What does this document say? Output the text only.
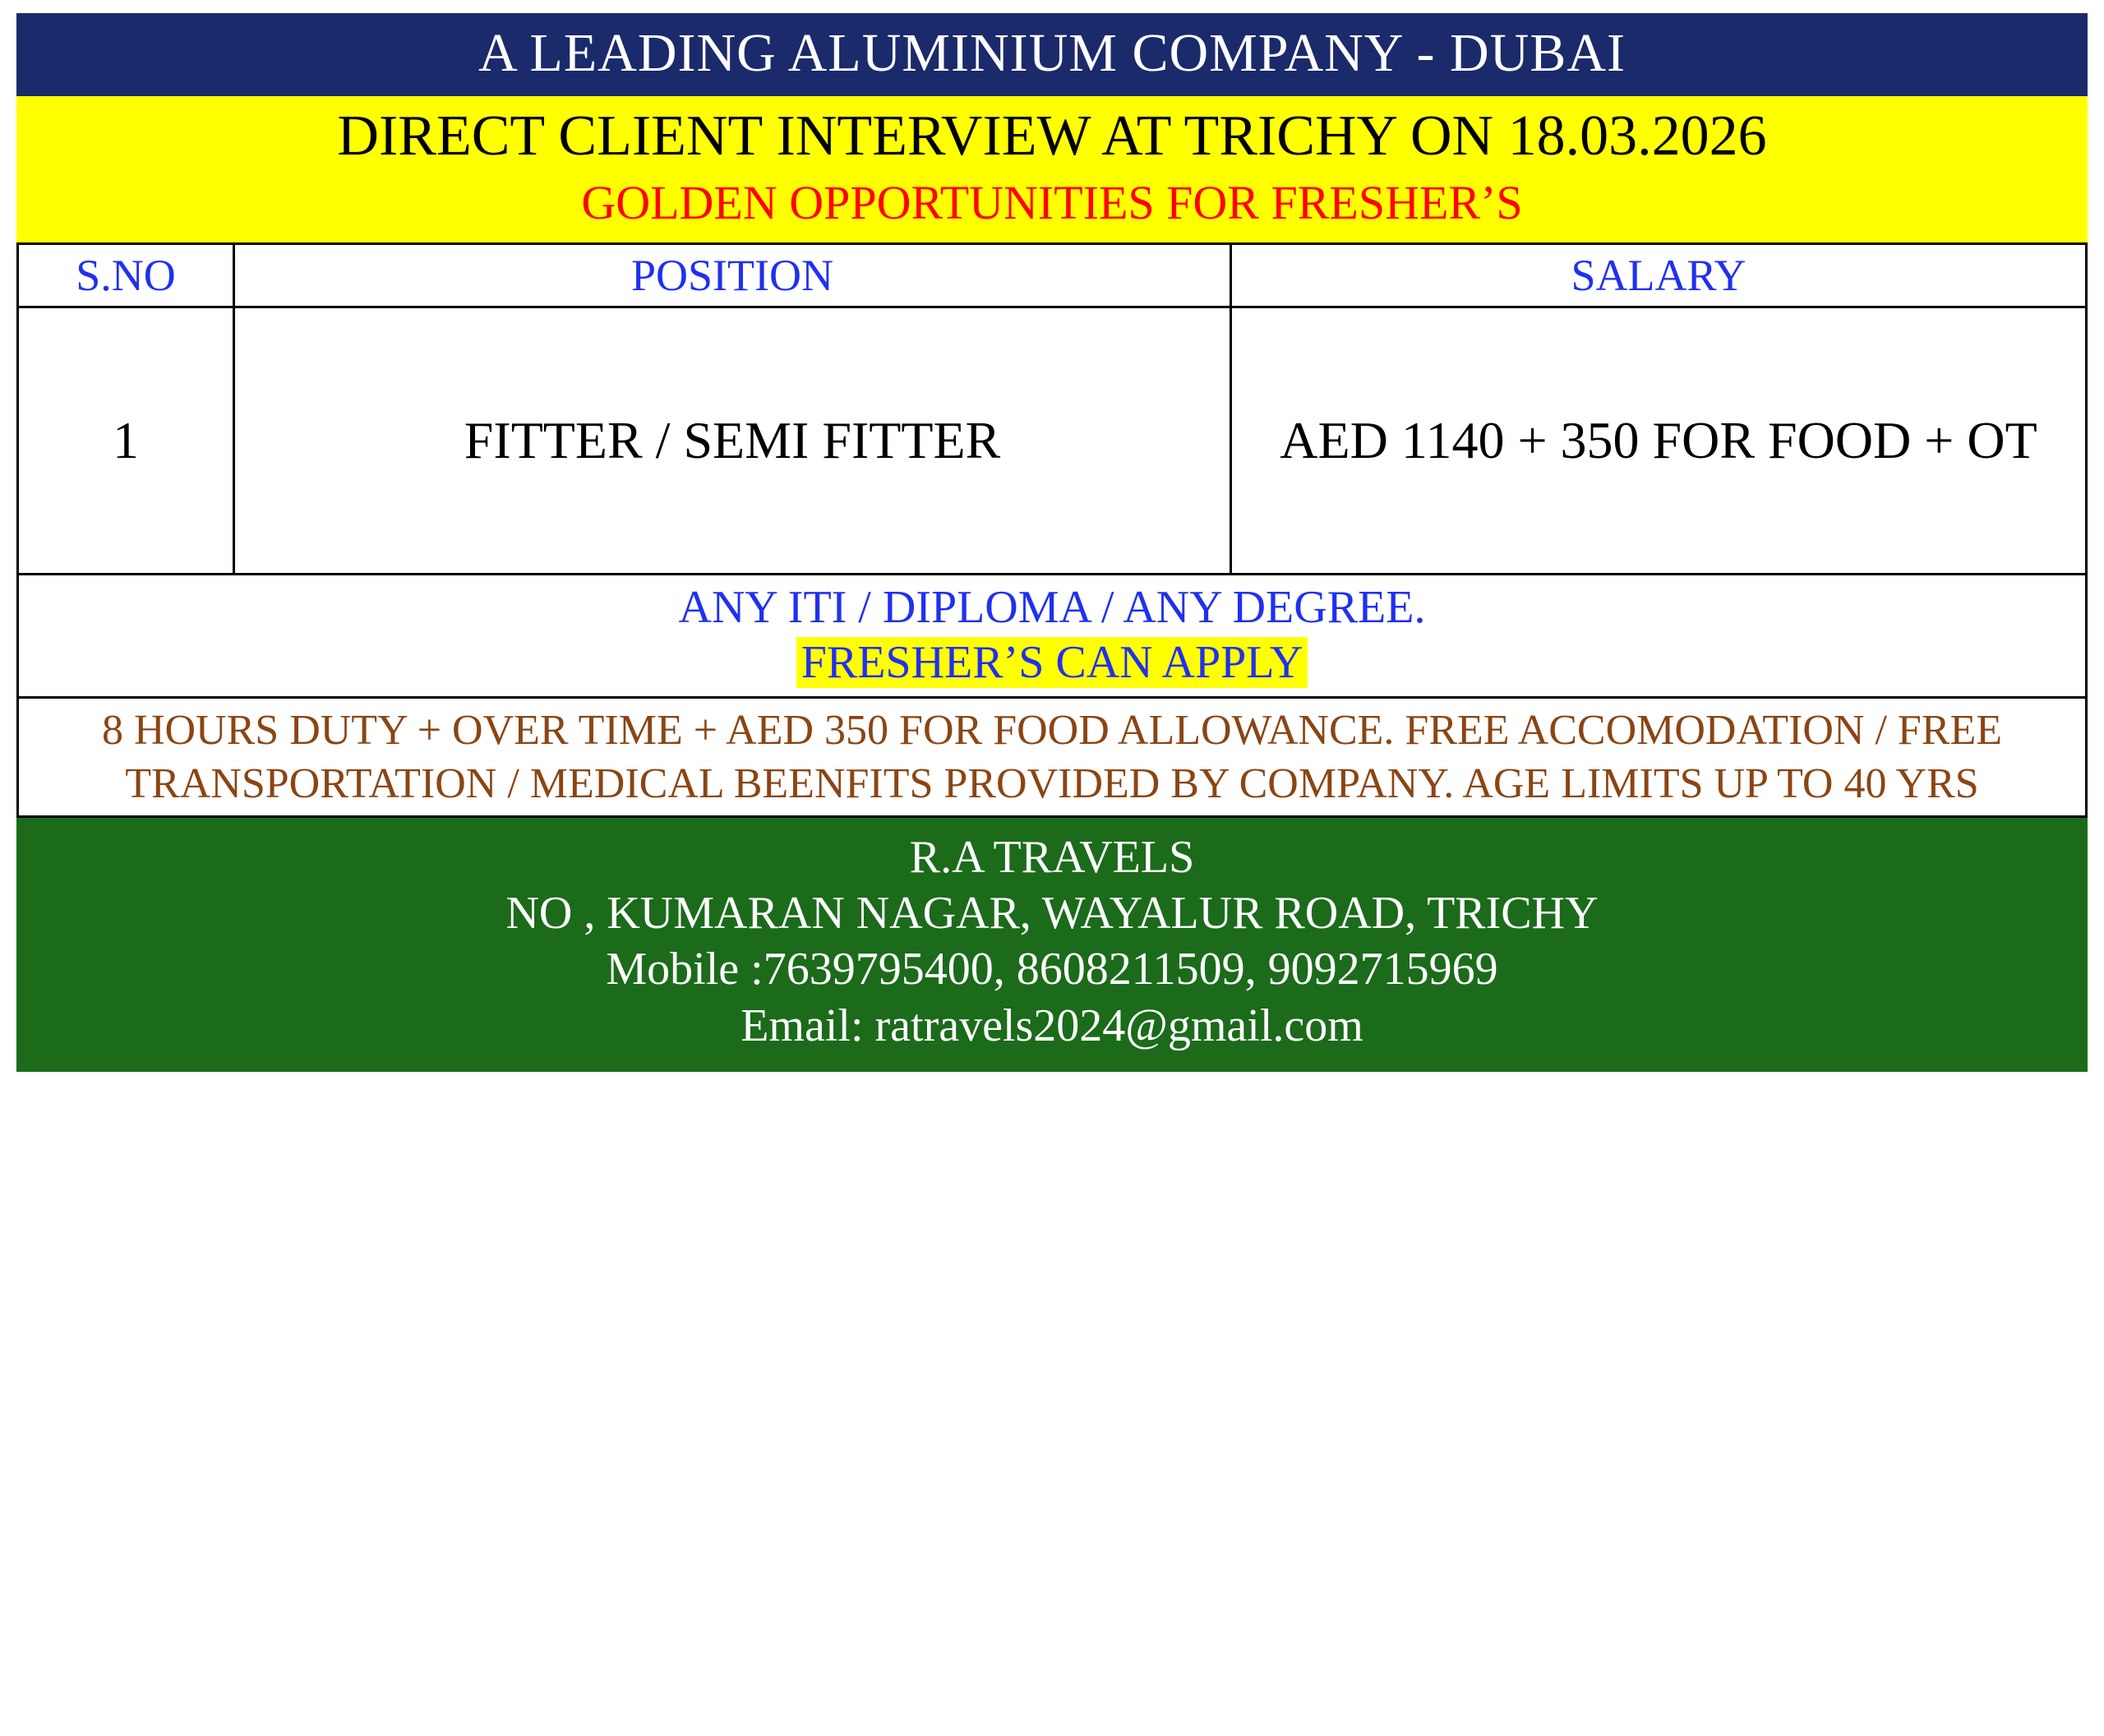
A LEADING ALUMINIUM COMPANY - DUBAI
DIRECT CLIENT INTERVIEW AT TRICHY ON 18.03.2026
GOLDEN OPPORTUNITIES FOR FRESHER’S
S.NO	POSITION	SALARY
1	FITTER / SEMI FITTER	AED 1140 + 350 FOR FOOD + OT

ANY ITI / DIPLOMA / ANY DEGREE.
FRESHER’S CAN APPLY		

8 HOURS DUTY + OVER TIME + AED 350 FOR FOOD ALLOWANCE. FREE ACCOMODATION / FREE TRANSPORTATION / MEDICAL BEENFITS PROVIDED BY COMPANY. AGE LIMITS UP TO 40 YRS		
R.A TRAVELS
NO , KUMARAN NAGAR, WAYALUR ROAD, TRICHY
Mobile :7639795400, 8608211509, 9092715969
Email: ratravels2024@gmail.com
